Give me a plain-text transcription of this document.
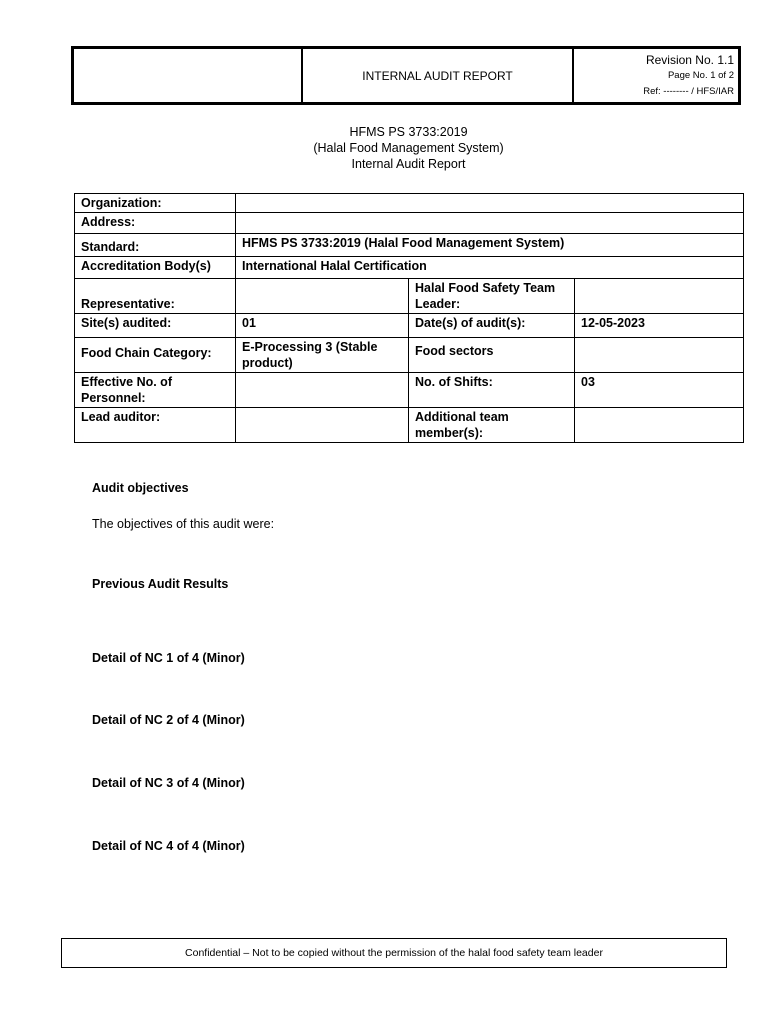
INTERNAL AUDIT REPORT
Revision No. 1.1
Page No. 1 of 2
Ref: -------- / HFS/IAR
HFMS PS 3733:2019
(Halal Food Management System)
Internal Audit Report
Organization:			
Address:			
Standard:	HFMS PS 3733:2019 (Halal Food Management System)		
Accreditation Body(s)	International Halal Certification		
Representative:		Halal Food Safety Team Leader:	
Site(s) audited:	01	Date(s) of audit(s):	12-05-2023
Food Chain Category:	E-Processing 3 (Stable product)	Food sectors	
Effective No. of Personnel:		No. of Shifts:	03
Lead auditor:		Additional team member(s):	
Audit objectives
The objectives of this audit were:
Previous Audit Results
Detail of NC 1 of 4 (Minor)
Detail of NC 2 of 4 (Minor)
Detail of NC 3 of 4 (Minor)
Detail of NC 4 of 4 (Minor)
Confidential – Not to be copied without the permission of the halal food safety team leader
